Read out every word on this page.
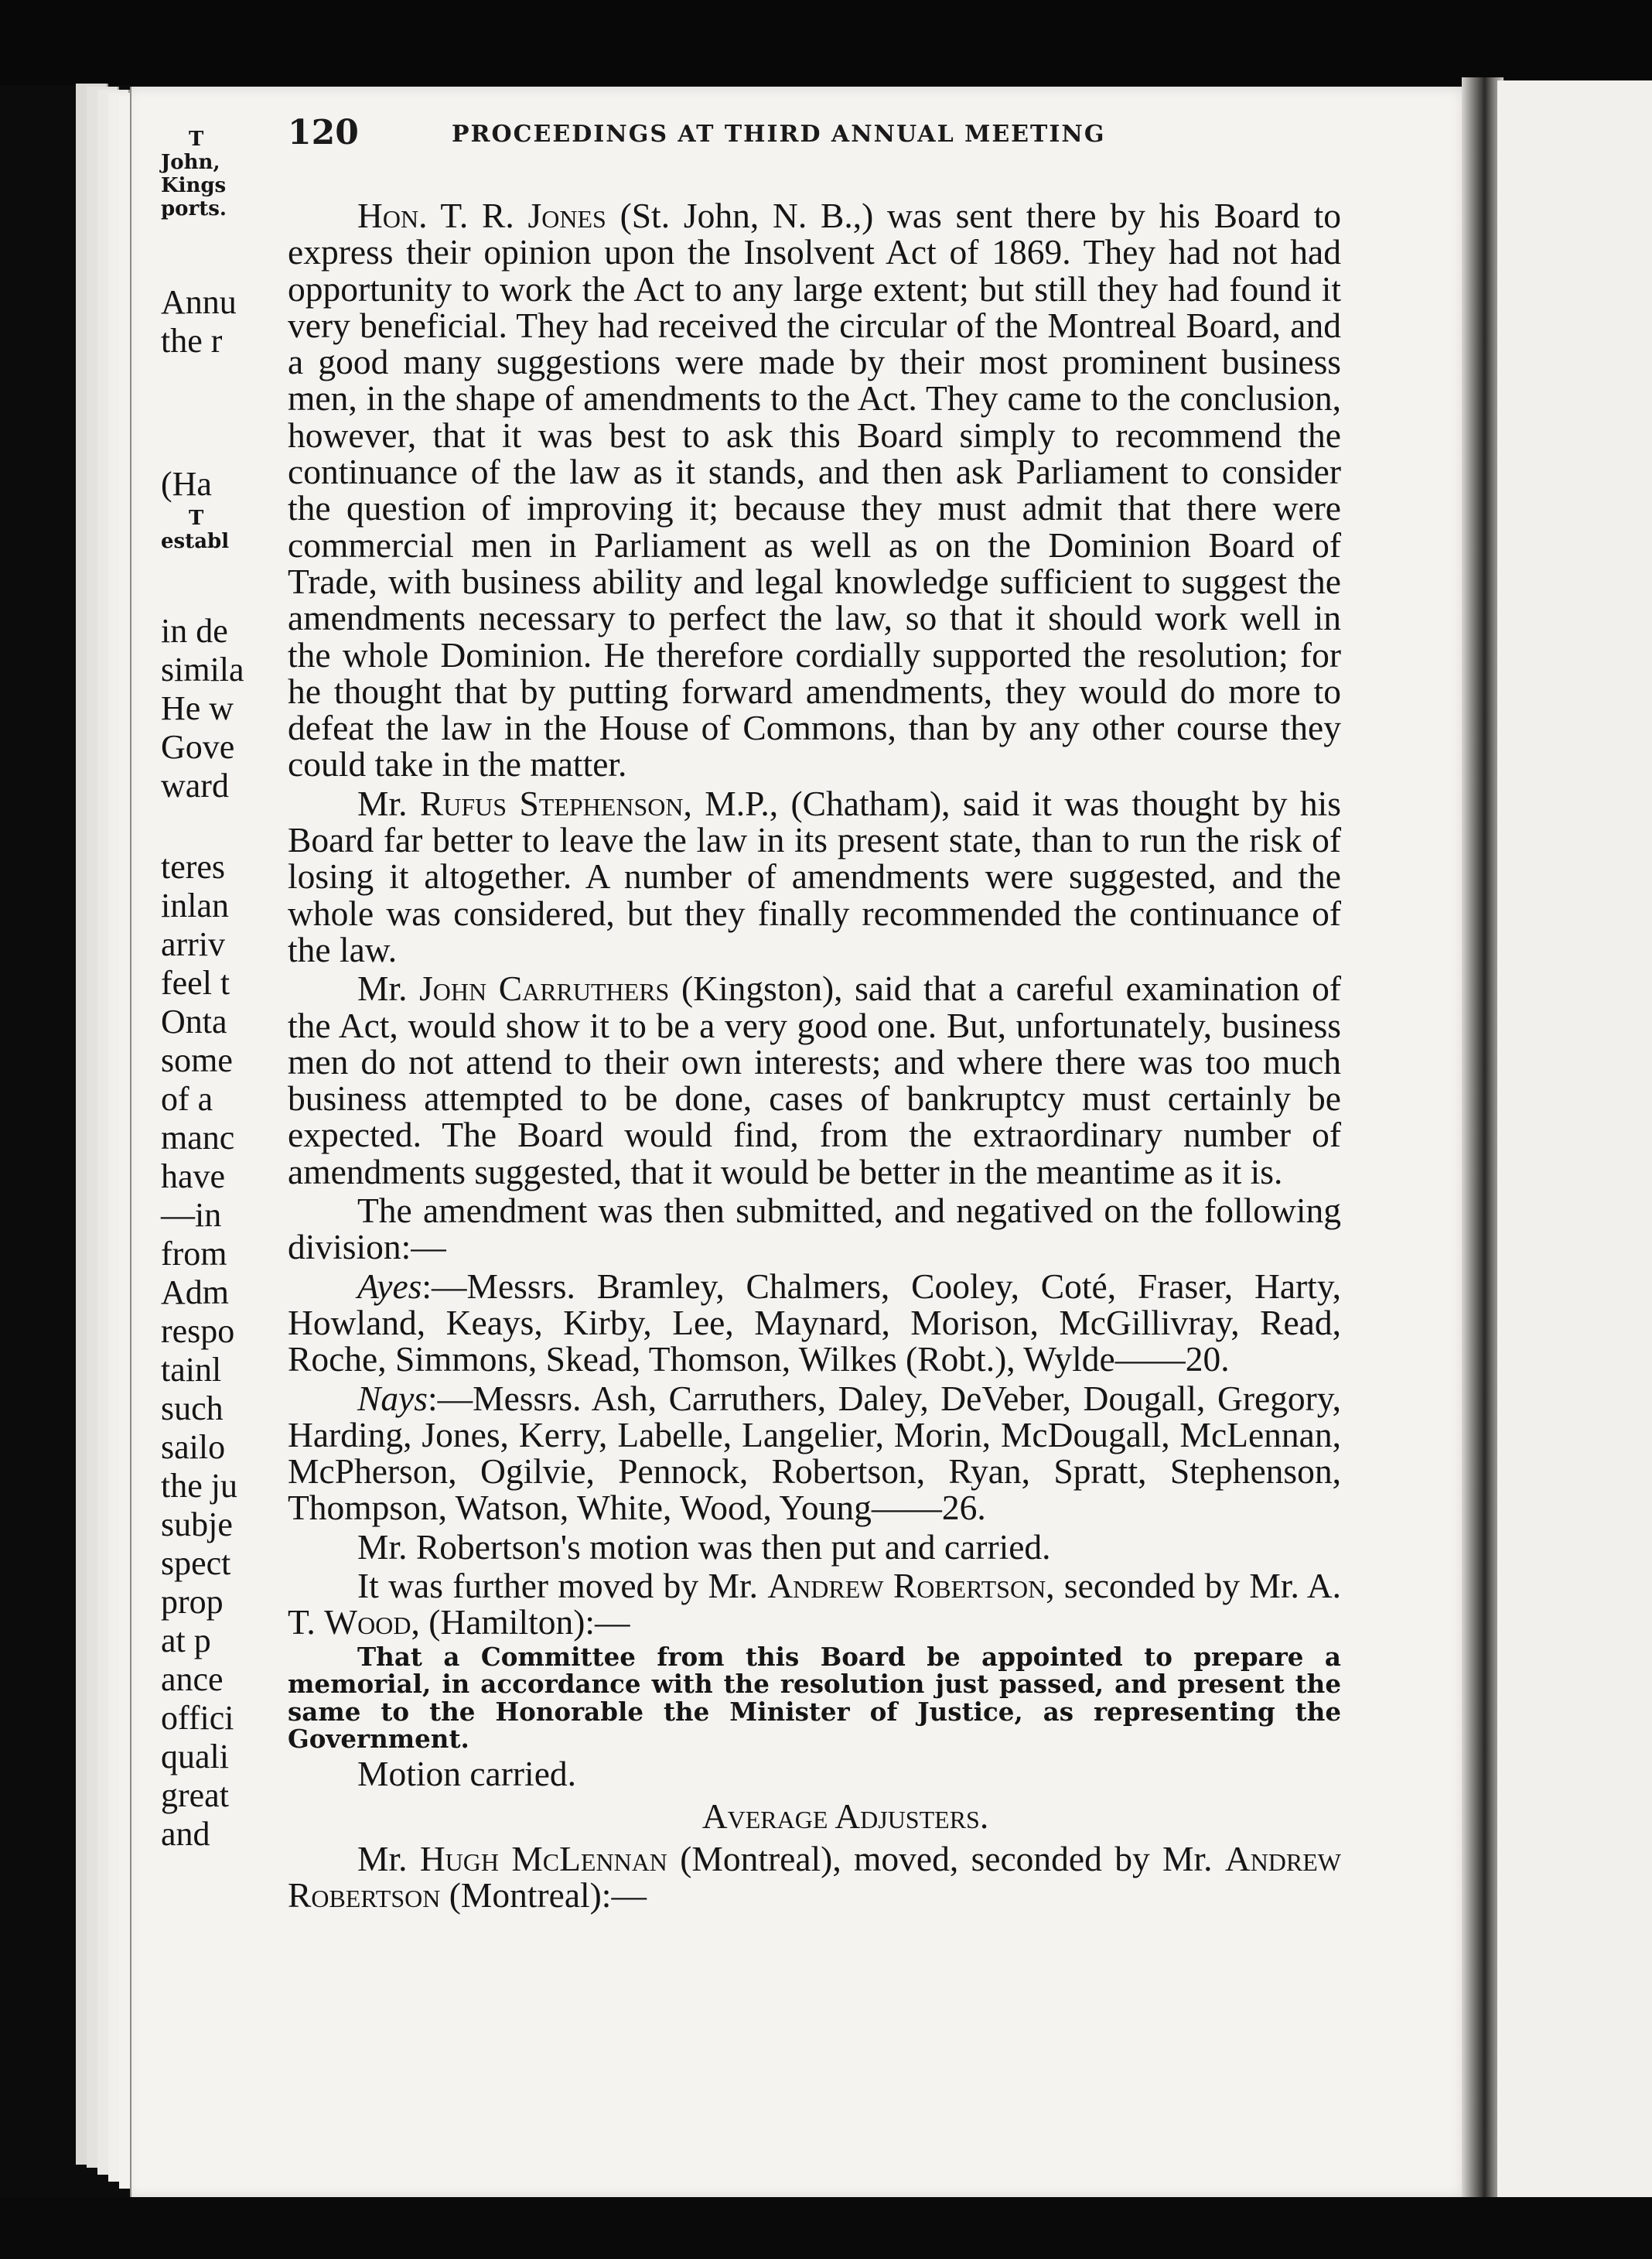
120	PROCEEDINGS AT THIRD ANNUAL MEETING

Hon. T. R. Jones (St. John, N. B.,) was sent there by his Board to express their opinion upon the Insolvent Act of 1869. They had not had opportunity to work the Act to any large extent; but still they had found it very beneficial. They had received the circular of the Montreal Board, and a good many suggestions were made by their most prominent business men, in the shape of amendments to the Act. They came to the conclusion, however, that it was best to ask this Board simply to recommend the continuance of the law as it stands, and then ask Parliament to consider the question of improving it; because they must admit that there were commercial men in Parliament as well as on the Dominion Board of Trade, with business ability and legal knowledge sufficient to suggest the amendments necessary to perfect the law, so that it should work well in the whole Dominion. He therefore cordially supported the resolution; for he thought that by putting forward amendments, they would do more to defeat the law in the House of Commons, than by any other course they could take in the matter.

Mr. Rufus Stephenson, M.P., (Chatham), said it was thought by his Board far better to leave the law in its present state, than to run the risk of losing it altogether. A number of amendments were suggested, and the whole was considered, but they finally recommended the continuance of the law.

Mr. John Carruthers (Kingston), said that a careful examination of the Act, would show it to be a very good one. But, unfortunately, business men do not attend to their own interests; and where there was too much business attempted to be done, cases of bankruptcy must certainly be expected. The Board would find, from the extraordinary number of amendments suggested, that it would be better in the meantime as it is.

The amendment was then submitted, and negatived on the following division:—

Ayes:—Messrs. Bramley, Chalmers, Cooley, Coté, Fraser, Harty, Howland, Keays, Kirby, Lee, Maynard, Morison, McGillivray, Read, Roche, Simmons, Skead, Thomson, Wilkes (Robt.), Wylde——20.

Nays:—Messrs. Ash, Carruthers, Daley, DeVeber, Dougall, Gregory, Harding, Jones, Kerry, Labelle, Langelier, Morin, McDougall, McLennan, McPherson, Ogilvie, Pennock, Robertson, Ryan, Spratt, Stephenson, Thompson, Watson, White, Wood, Young——26.

Mr. Robertson's motion was then put and carried.

It was further moved by Mr. Andrew Robertson, seconded by Mr. A. T. Wood, (Hamilton):—

That a Committee from this Board be appointed to prepare a memorial, in accordance with the resolution just passed, and present the same to the Honorable the Minister of Justice, as representing the Government.

Motion carried.

Average Adjusters.

Mr. Hugh McLennan (Montreal), moved, seconded by Mr. Andrew Robertson (Montreal):—

T
John,
Kings
ports.
Annu
the r
(Ha
T
establ
in de
simila
He w
Gove
ward
teres
inlan
arriv
feel t
Onta
some
of a
manc
have
—in
from
Adm
respo
tainl
such
sailo
the ju
subje
spect
prop
at p
ance
offici
quali
great
and
